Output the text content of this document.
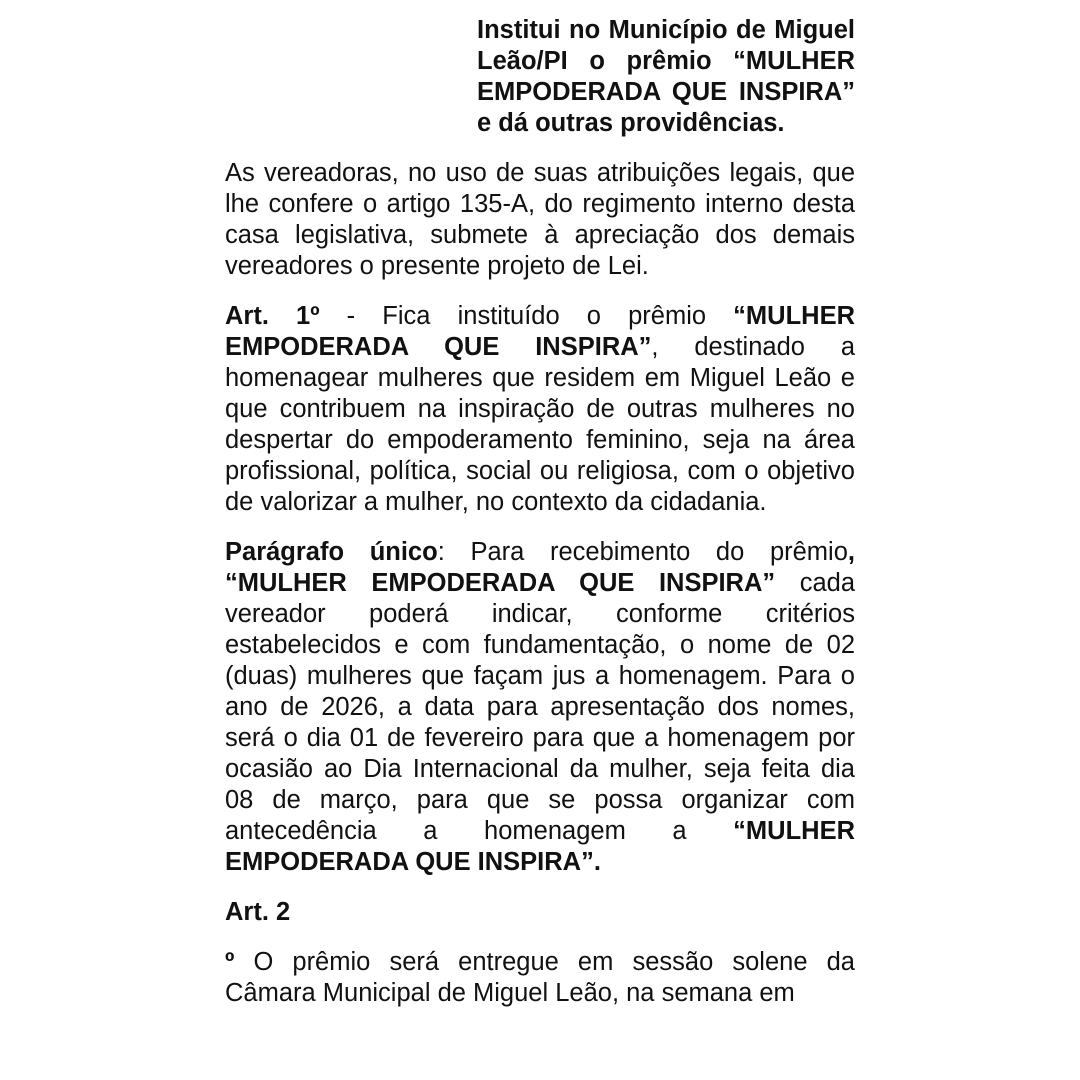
Institui no Município de Miguel Leão/PI o prêmio “MULHER EMPODERADA QUE INSPIRA” e dá outras providências.

As vereadoras, no uso de suas atribuições legais, que lhe confere o artigo 135-A, do regimento interno desta casa legislativa, submete à apreciação dos demais vereadores o presente projeto de Lei.

Art. 1º - Fica instituído o prêmio “MULHER EMPODERADA QUE INSPIRA”, destinado a homenagear mulheres que residem em Miguel Leão e que contribuem na inspiração de outras mulheres no despertar do empoderamento feminino, seja na área profissional, política, social ou religiosa, com o objetivo de valorizar a mulher, no contexto da cidadania.

Parágrafo único: Para recebimento do prêmio, “MULHER EMPODERADA QUE INSPIRA” cada vereador poderá indicar, conforme critérios estabelecidos e com fundamentação, o nome de 02 (duas) mulheres que façam jus a homenagem. Para o ano de 2026, a data para apresentação dos nomes, será o dia 01 de fevereiro para que a homenagem por ocasião ao Dia Internacional da mulher, seja feita dia 08 de março, para que se possa organizar com antecedência a homenagem a “MULHER EMPODERADA QUE INSPIRA”.

Art. 2

º O prêmio será entregue em sessão solene da Câmara Municipal de Miguel Leão, na semana em
